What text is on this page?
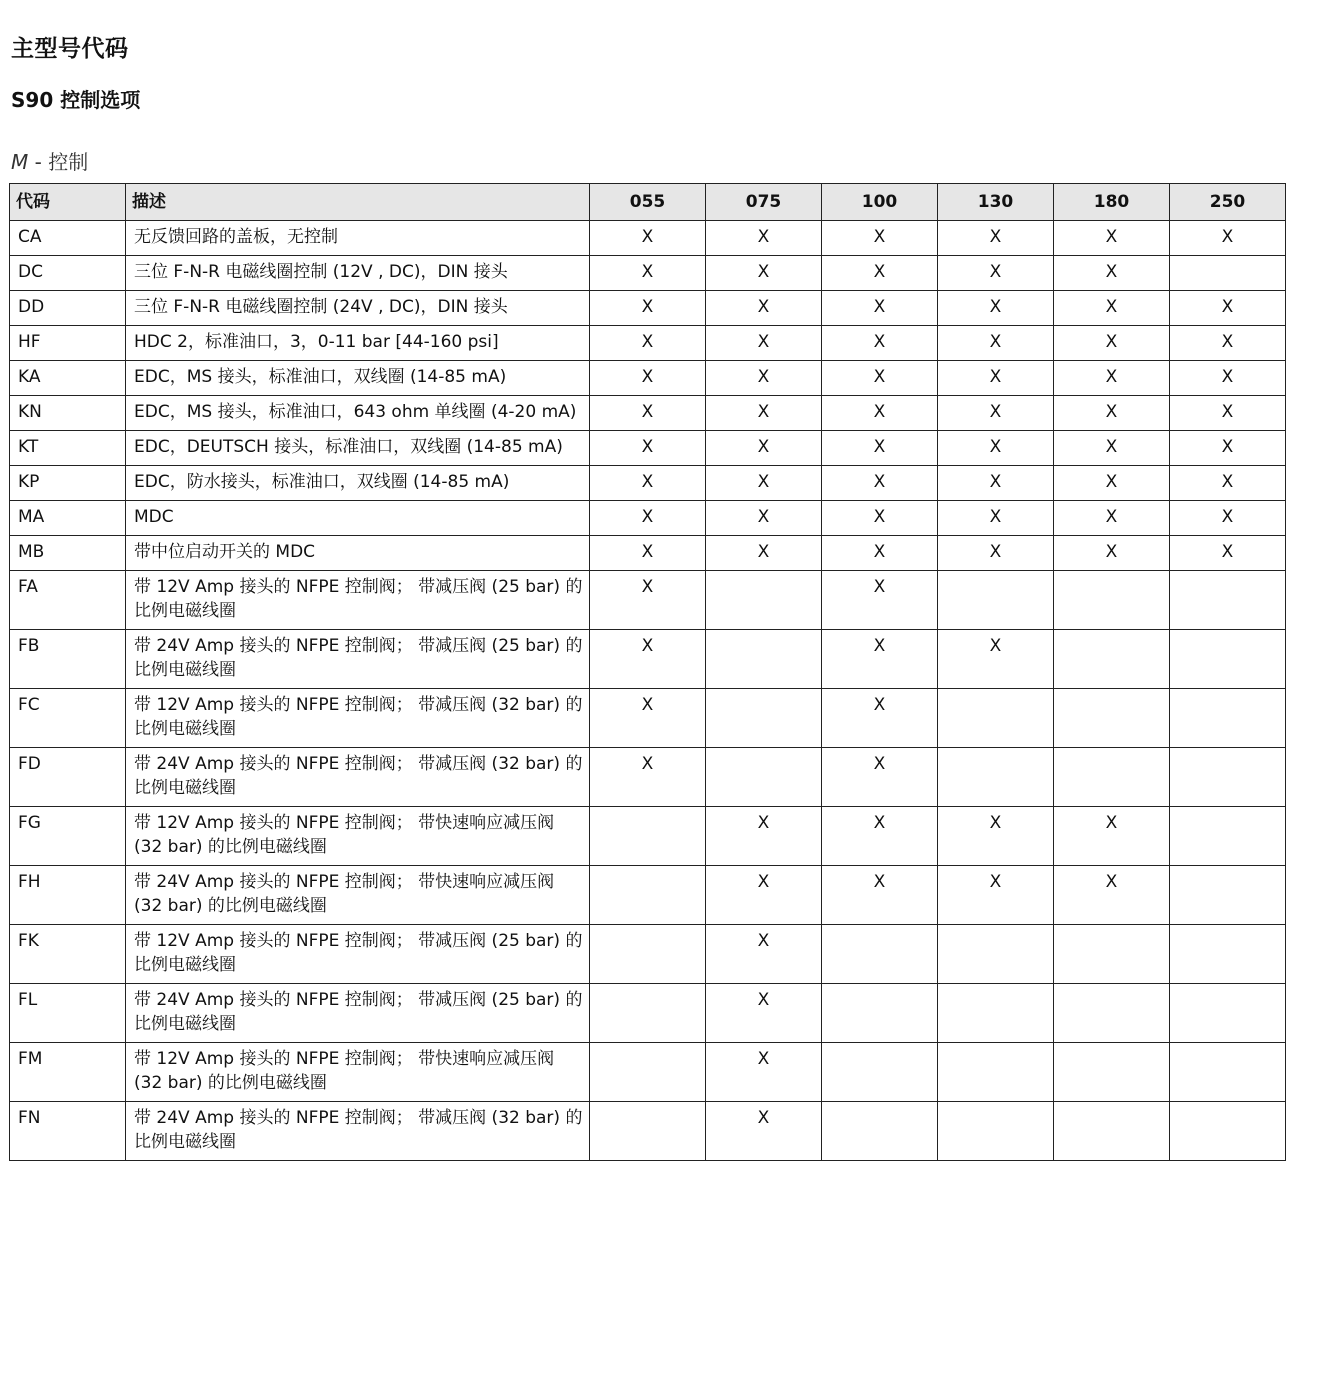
主型号代码
S90 控制选项
M - 控制
代码	描述	055	075	100	130	180	250
CA	无反馈回路的盖板，无控制	X	X	X	X	X	X
DC	三位 F-N-R 电磁线圈控制 (12V , DC)，DIN 接头	X	X	X	X	X	
DD	三位 F-N-R 电磁线圈控制 (24V , DC)，DIN 接头	X	X	X	X	X	X
HF	HDC 2，标准油口，3，0-11 bar [44-160 psi]	X	X	X	X	X	X
KA	EDC，MS 接头，标准油口，双线圈 (14-85 mA)	X	X	X	X	X	X
KN	EDC，MS 接头，标准油口，643 ohm 单线圈 (4-20 mA)	X	X	X	X	X	X
KT	EDC，DEUTSCH 接头，标准油口，双线圈 (14-85 mA)	X	X	X	X	X	X
KP	EDC，防水接头，标准油口，双线圈 (14-85 mA)	X	X	X	X	X	X
MA	MDC	X	X	X	X	X	X
MB	带中位启动开关的 MDC	X	X	X	X	X	X
FA	带 12V Amp 接头的 NFPE 控制阀； 带减压阀 (25 bar) 的比例电磁线圈	X		X			
FB	带 24V Amp 接头的 NFPE 控制阀； 带减压阀 (25 bar) 的比例电磁线圈	X		X	X		
FC	带 12V Amp 接头的 NFPE 控制阀； 带减压阀 (32 bar) 的比例电磁线圈	X		X			
FD	带 24V Amp 接头的 NFPE 控制阀； 带减压阀 (32 bar) 的比例电磁线圈	X		X			
FG	带 12V Amp 接头的 NFPE 控制阀； 带快速响应减压阀 (32 bar) 的比例电磁线圈		X	X	X	X	
FH	带 24V Amp 接头的 NFPE 控制阀； 带快速响应减压阀 (32 bar) 的比例电磁线圈		X	X	X	X	
FK	带 12V Amp 接头的 NFPE 控制阀； 带减压阀 (25 bar) 的比例电磁线圈		X				
FL	带 24V Amp 接头的 NFPE 控制阀； 带减压阀 (25 bar) 的比例电磁线圈		X				
FM	带 12V Amp 接头的 NFPE 控制阀； 带快速响应减压阀 (32 bar) 的比例电磁线圈		X				
FN	带 24V Amp 接头的 NFPE 控制阀； 带减压阀 (32 bar) 的比例电磁线圈		X				
